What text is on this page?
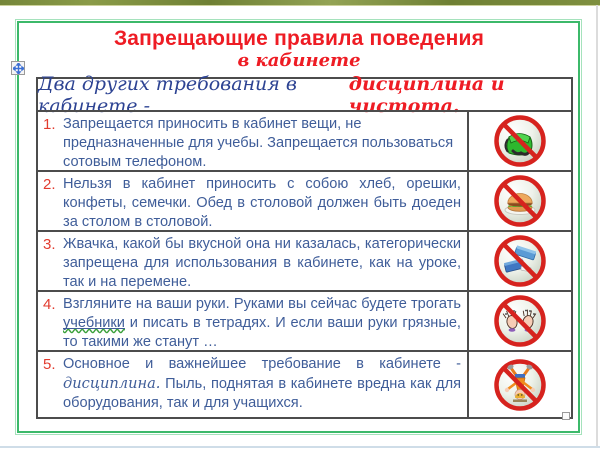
Запрещающие правила поведения
в кабинете
Два других требования в кабинете -
дисциплина и чистота.
1. Запрещается приносить в кабинет вещи, не предназначенные для учебы. Запрещается пользоваться сотовым телефоном.
2. Нельзя в кабинет приносить с собою хлеб, орешки, конфеты, семечки. Обед в столовой должен быть доеден за столом в столовой.
3. Жвачка, какой бы вкусной она ни казалась, категорически запрещена для использования в кабинете, как на уроке, так и на перемене.
4. Взгляните на ваши руки. Руками вы сейчас будете трогать учебники и писать в тетрадях. И если ваши руки грязные, то такими же станут …
5. Основное и важнейшее требование в кабинете - дисциплина. Пыль, поднятая в кабинете вредна как для оборудования, так и для учащихся.
